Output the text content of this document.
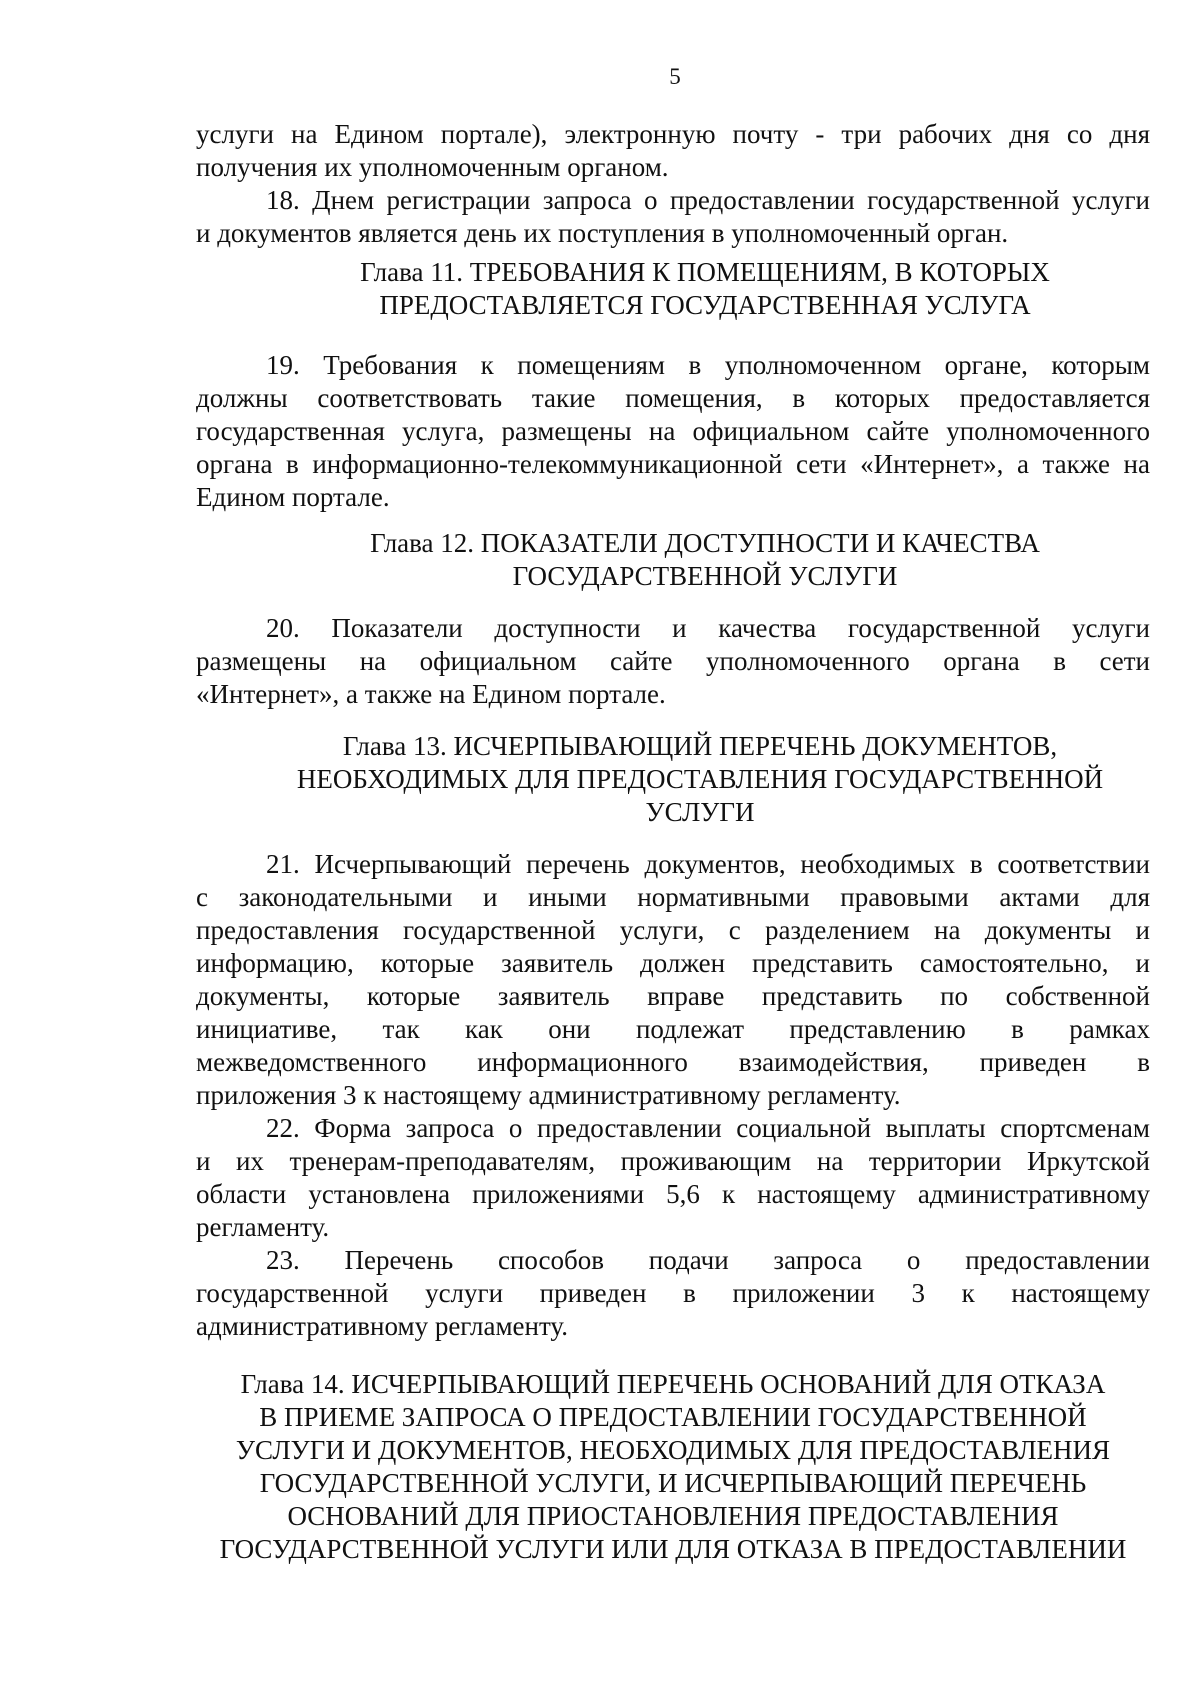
5
услуги на Едином портале), электронную почту - три рабочих дня со дня
получения их уполномоченным органом.
18. Днем регистрации запроса о предоставлении государственной услуги
и документов является день их поступления в уполномоченный орган.
Глава 11. ТРЕБОВАНИЯ К ПОМЕЩЕНИЯМ, В КОТОРЫХ
ПРЕДОСТАВЛЯЕТСЯ ГОСУДАРСТВЕННАЯ УСЛУГА
19. Требования к помещениям в уполномоченном органе, которым
должны соответствовать такие помещения, в которых предоставляется
государственная услуга, размещены на официальном сайте уполномоченного
органа в информационно-телекоммуникационной сети «Интернет», а также на
Едином портале.
Глава 12. ПОКАЗАТЕЛИ ДОСТУПНОСТИ И КАЧЕСТВА
ГОСУДАРСТВЕННОЙ УСЛУГИ
20. Показатели доступности и качества государственной услуги
размещены на официальном сайте уполномоченного органа в сети
«Интернет», а также на Едином портале.
Глава 13. ИСЧЕРПЫВАЮЩИЙ ПЕРЕЧЕНЬ ДОКУМЕНТОВ,
НЕОБХОДИМЫХ ДЛЯ ПРЕДОСТАВЛЕНИЯ ГОСУДАРСТВЕННОЙ
УСЛУГИ
21. Исчерпывающий перечень документов, необходимых в соответствии
с законодательными и иными нормативными правовыми актами для
предоставления государственной услуги, с разделением на документы и
информацию, которые заявитель должен представить самостоятельно, и
документы, которые заявитель вправе представить по собственной
инициативе, так как они подлежат представлению в рамках
межведомственного информационного взаимодействия, приведен в
приложения 3 к настоящему административному регламенту.
22. Форма запроса о предоставлении социальной выплаты спортсменам
и их тренерам-преподавателям, проживающим на территории Иркутской
области установлена приложениями 5,6 к настоящему административному
регламенту.
23. Перечень способов подачи запроса о предоставлении
государственной услуги приведен в приложении 3 к настоящему
административному регламенту.
Глава 14. ИСЧЕРПЫВАЮЩИЙ ПЕРЕЧЕНЬ ОСНОВАНИЙ ДЛЯ ОТКАЗА
В ПРИЕМЕ ЗАПРОСА О ПРЕДОСТАВЛЕНИИ ГОСУДАРСТВЕННОЙ
УСЛУГИ И ДОКУМЕНТОВ, НЕОБХОДИМЫХ ДЛЯ ПРЕДОСТАВЛЕНИЯ
ГОСУДАРСТВЕННОЙ УСЛУГИ, И ИСЧЕРПЫВАЮЩИЙ ПЕРЕЧЕНЬ
ОСНОВАНИЙ ДЛЯ ПРИОСТАНОВЛЕНИЯ ПРЕДОСТАВЛЕНИЯ
ГОСУДАРСТВЕННОЙ УСЛУГИ ИЛИ ДЛЯ ОТКАЗА В ПРЕДОСТАВЛЕНИИ
